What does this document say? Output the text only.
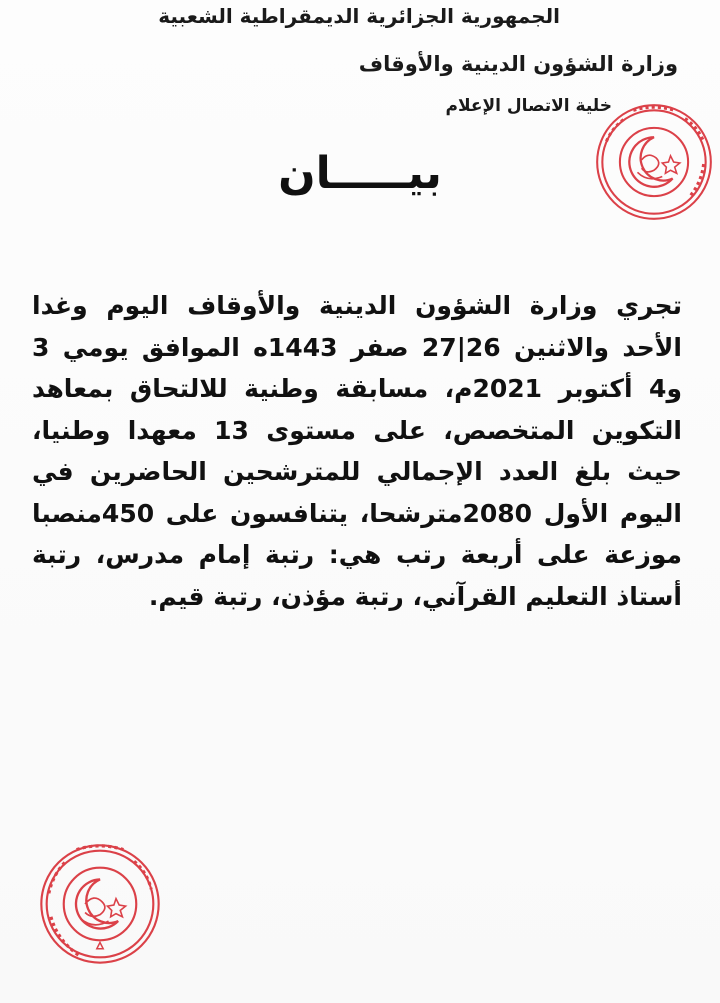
الجمهورية الجزائرية الديمقراطية الشعبية

وزارة الشؤون الدينية والأوقاف

خلية الاتصال الإعلام

بيـــــان

تجري وزارة الشؤون الدينية والأوقاف اليوم وغدا الأحد والاثنين 26|27 صفر 1443ه الموافق يومي 3 و4 أكتوبر 2021م، مسابقة وطنية للالتحاق بمعاهد التكوين المتخصص، على مستوى 13 معهدا وطنيا، حيث بلغ العدد الإجمالي للمترشحين الحاضرين في اليوم الأول 2080مترشحا، يتنافسون على 450منصبا موزعة على أربعة رتب هي: رتبة إمام مدرس، رتبة أستاذ التعليم القرآني، رتبة مؤذن، رتبة قيم.
